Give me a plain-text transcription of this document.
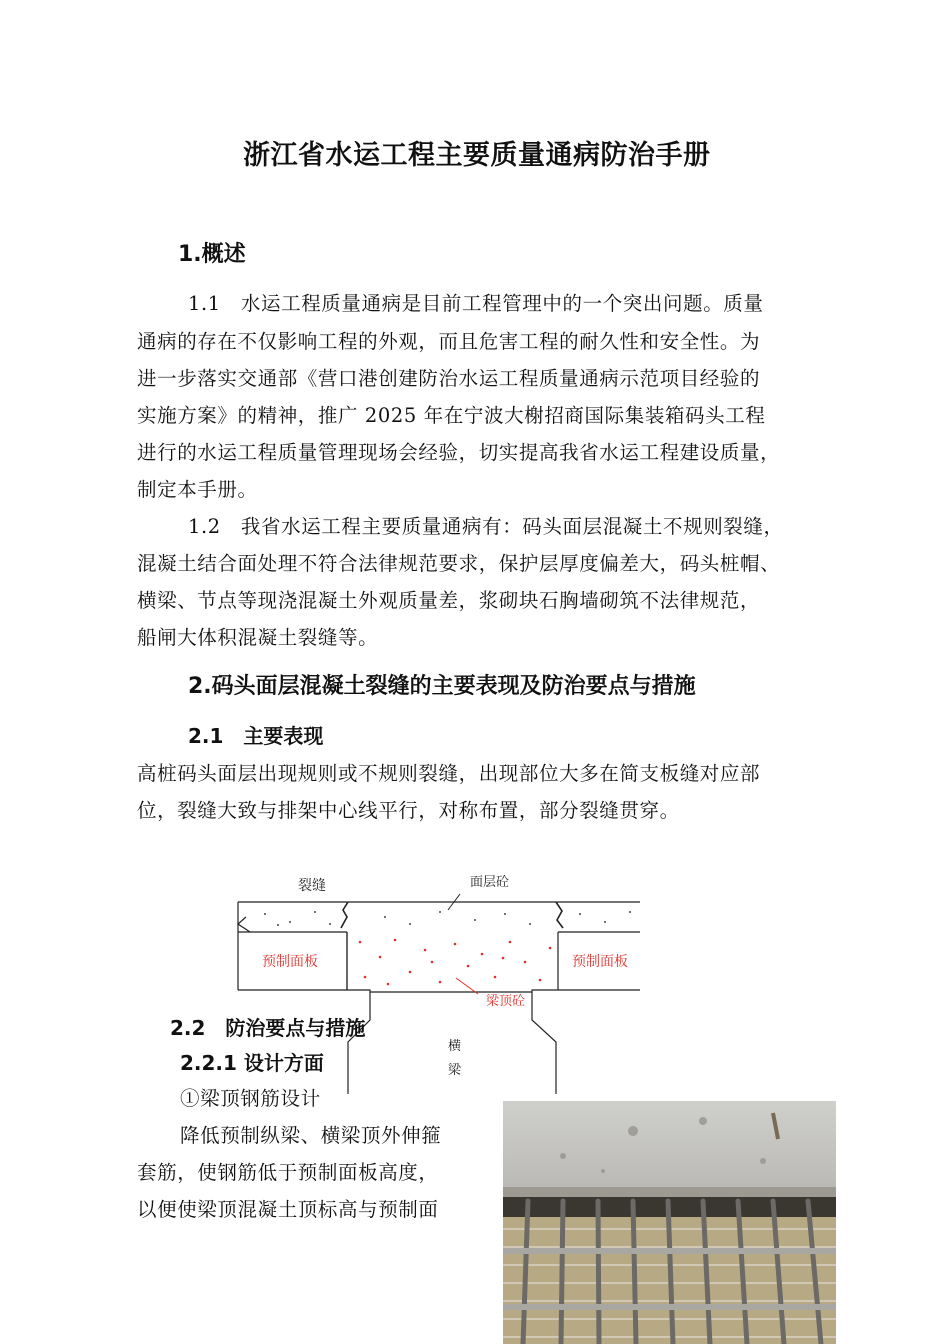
浙江省水运工程主要质量通病防治手册
1.概述
1.1　水运工程质量通病是目前工程管理中的一个突出问题。质量
通病的存在不仅影响工程的外观，而且危害工程的耐久性和安全性。为
进一步落实交通部《营口港创建防治水运工程质量通病示范项目经验的
实施方案》的精神，推广 2025 年在宁波大榭招商国际集装箱码头工程
进行的水运工程质量管理现场会经验，切实提高我省水运工程建设质量，
制定本手册。
1.2　我省水运工程主要质量通病有：码头面层混凝土不规则裂缝，
混凝土结合面处理不符合法律规范要求，保护层厚度偏差大，码头桩帽、
横梁、节点等现浇混凝土外观质量差，浆砌块石胸墙砌筑不法律规范，
船闸大体积混凝土裂缝等。
2.码头面层混凝土裂缝的主要表现及防治要点与措施
2.1　主要表现
高桩码头面层出现规则或不规则裂缝，出现部位大多在简支板缝对应部
位，裂缝大致与排架中心线平行，对称布置，部分裂缝贯穿。
裂缝	面层砼
预制面板	预制面板
梁顶砼
横
梁
2.2　防治要点与措施
2.2.1 设计方面
①梁顶钢筋设计
降低预制纵梁、横梁顶外伸箍
套筋，使钢筋低于预制面板高度，
以便使梁顶混凝土顶标高与预制面
